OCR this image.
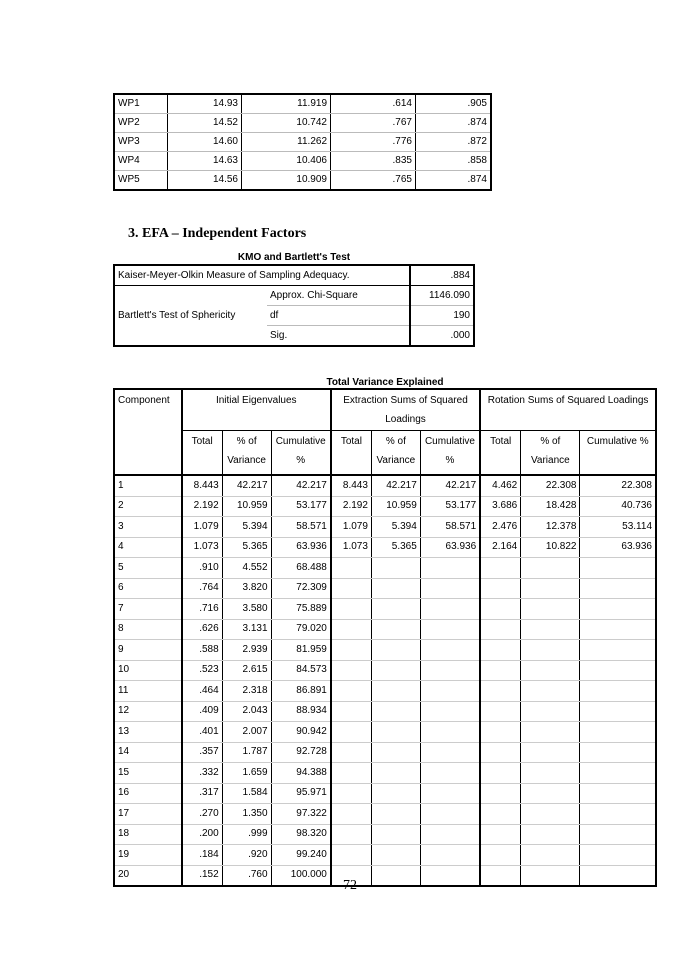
WP1	14.93	11.919	.614	.905
WP2	14.52	10.742	.767	.874
WP3	14.60	11.262	.776	.872
WP4	14.63	10.406	.835	.858
WP5	14.56	10.909	.765	.874
3. EFA – Independent Factors
KMO and Bartlett's Test
Kaiser-Meyer-Olkin Measure of Sampling Adequacy.		.884
Bartlett's Test of Sphericity	Approx. Chi-Square	1146.090
	df	190
	Sig.	.000
Total Variance Explained
Component	Initial Eigenvalues			Extraction Sums of Squared Loadings			Rotation Sums of Squared Loadings		
	Total	% of Variance	Cumulative %	Total	% of Variance	Cumulative %	Total	% of Variance	Cumulative %
1	8.443	42.217	42.217	8.443	42.217	42.217	4.462	22.308	22.308
2	2.192	10.959	53.177	2.192	10.959	53.177	3.686	18.428	40.736
3	1.079	5.394	58.571	1.079	5.394	58.571	2.476	12.378	53.114
4	1.073	5.365	63.936	1.073	5.365	63.936	2.164	10.822	63.936
5	.910	4.552	68.488						
6	.764	3.820	72.309						
7	.716	3.580	75.889						
8	.626	3.131	79.020						
9	.588	2.939	81.959						
10	.523	2.615	84.573						
11	.464	2.318	86.891						
12	.409	2.043	88.934						
13	.401	2.007	90.942						
14	.357	1.787	92.728						
15	.332	1.659	94.388						
16	.317	1.584	95.971						
17	.270	1.350	97.322						
18	.200	.999	98.320						
19	.184	.920	99.240						
20	.152	.760	100.000						
72
